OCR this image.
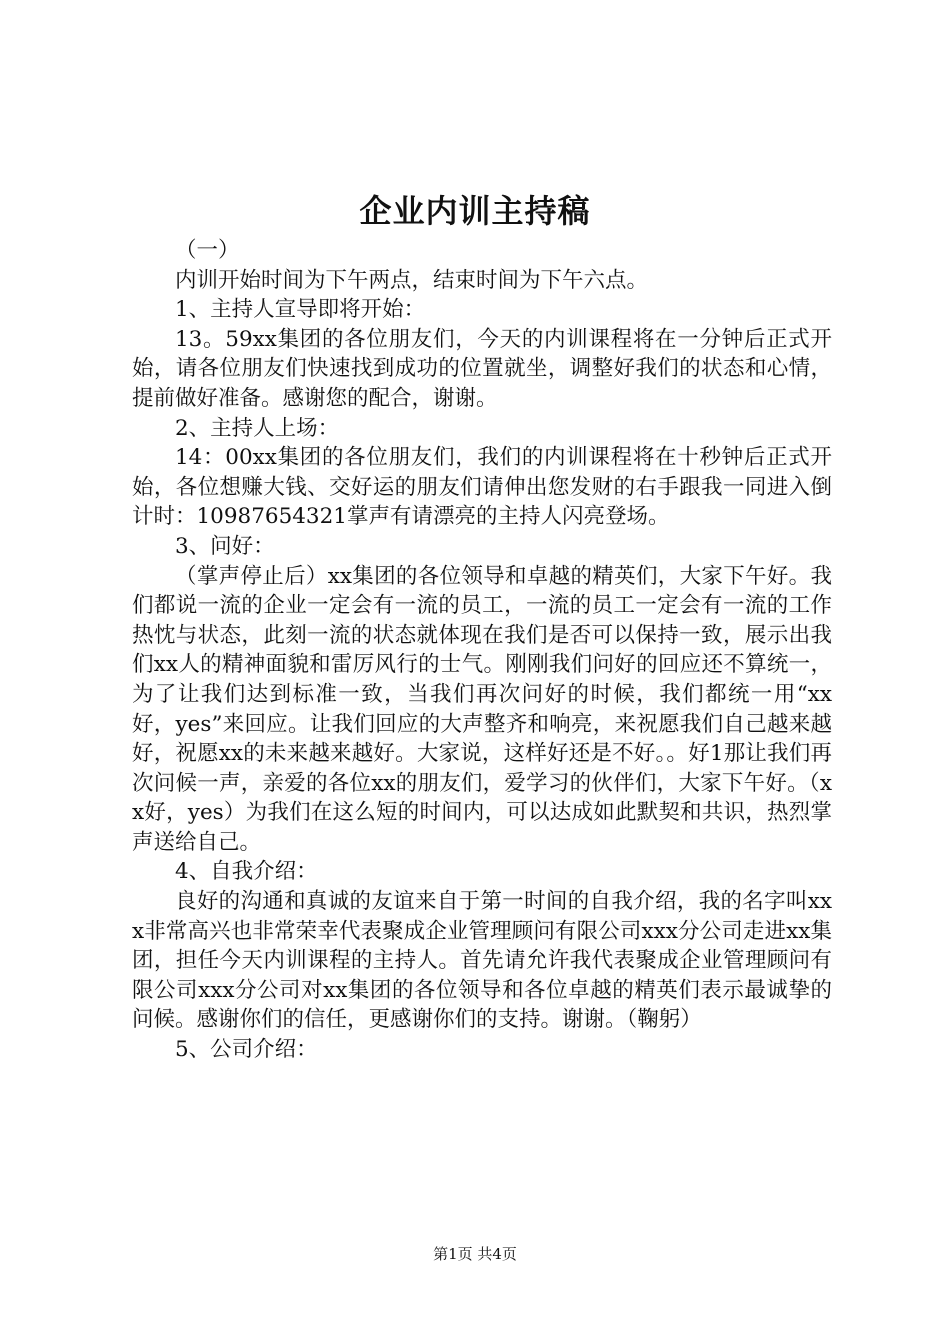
企业内训主持稿

（一）

内训开始时间为下午两点，结束时间为下午六点。

1、主持人宣导即将开始：

13。59xx集团的各位朋友们，今天的内训课程将在一分钟后正式开始，请各位朋友们快速找到成功的位置就坐，调整好我们的状态和心情，提前做好准备。感谢您的配合，谢谢。

2、主持人上场：

14：00xx集团的各位朋友们，我们的内训课程将在十秒钟后正式开始，各位想赚大钱、交好运的朋友们请伸出您发财的右手跟我一同进入倒计时：10987654321掌声有请漂亮的主持人闪亮登场。

3、问好：

（掌声停止后）xx集团的各位领导和卓越的精英们，大家下午好。我们都说一流的企业一定会有一流的员工，一流的员工一定会有一流的工作热忱与状态，此刻一流的状态就体现在我们是否可以保持一致，展示出我们xx人的精神面貌和雷厉风行的士气。刚刚我们问好的回应还不算统一，为了让我们达到标准一致，当我们再次问好的时候，我们都统一用“xx好，yes”来回应。让我们回应的大声整齐和响亮，来祝愿我们自己越来越好，祝愿xx的未来越来越好。大家说，这样好还是不好。。好1那让我们再次问候一声，亲爱的各位xx的朋友们，爱学习的伙伴们，大家下午好。（xx好，yes）为我们在这么短的时间内，可以达成如此默契和共识，热烈掌声送给自己。

4、自我介绍：

良好的沟通和真诚的友谊来自于第一时间的自我介绍，我的名字叫xxx非常高兴也非常荣幸代表聚成企业管理顾问有限公司xxx分公司走进xx集团，担任今天内训课程的主持人。首先请允许我代表聚成企业管理顾问有限公司xxx分公司对xx集团的各位领导和各位卓越的精英们表示最诚挚的问候。感谢你们的信任，更感谢你们的支持。谢谢。（鞠躬）

5、公司介绍：

第1页 共4页
